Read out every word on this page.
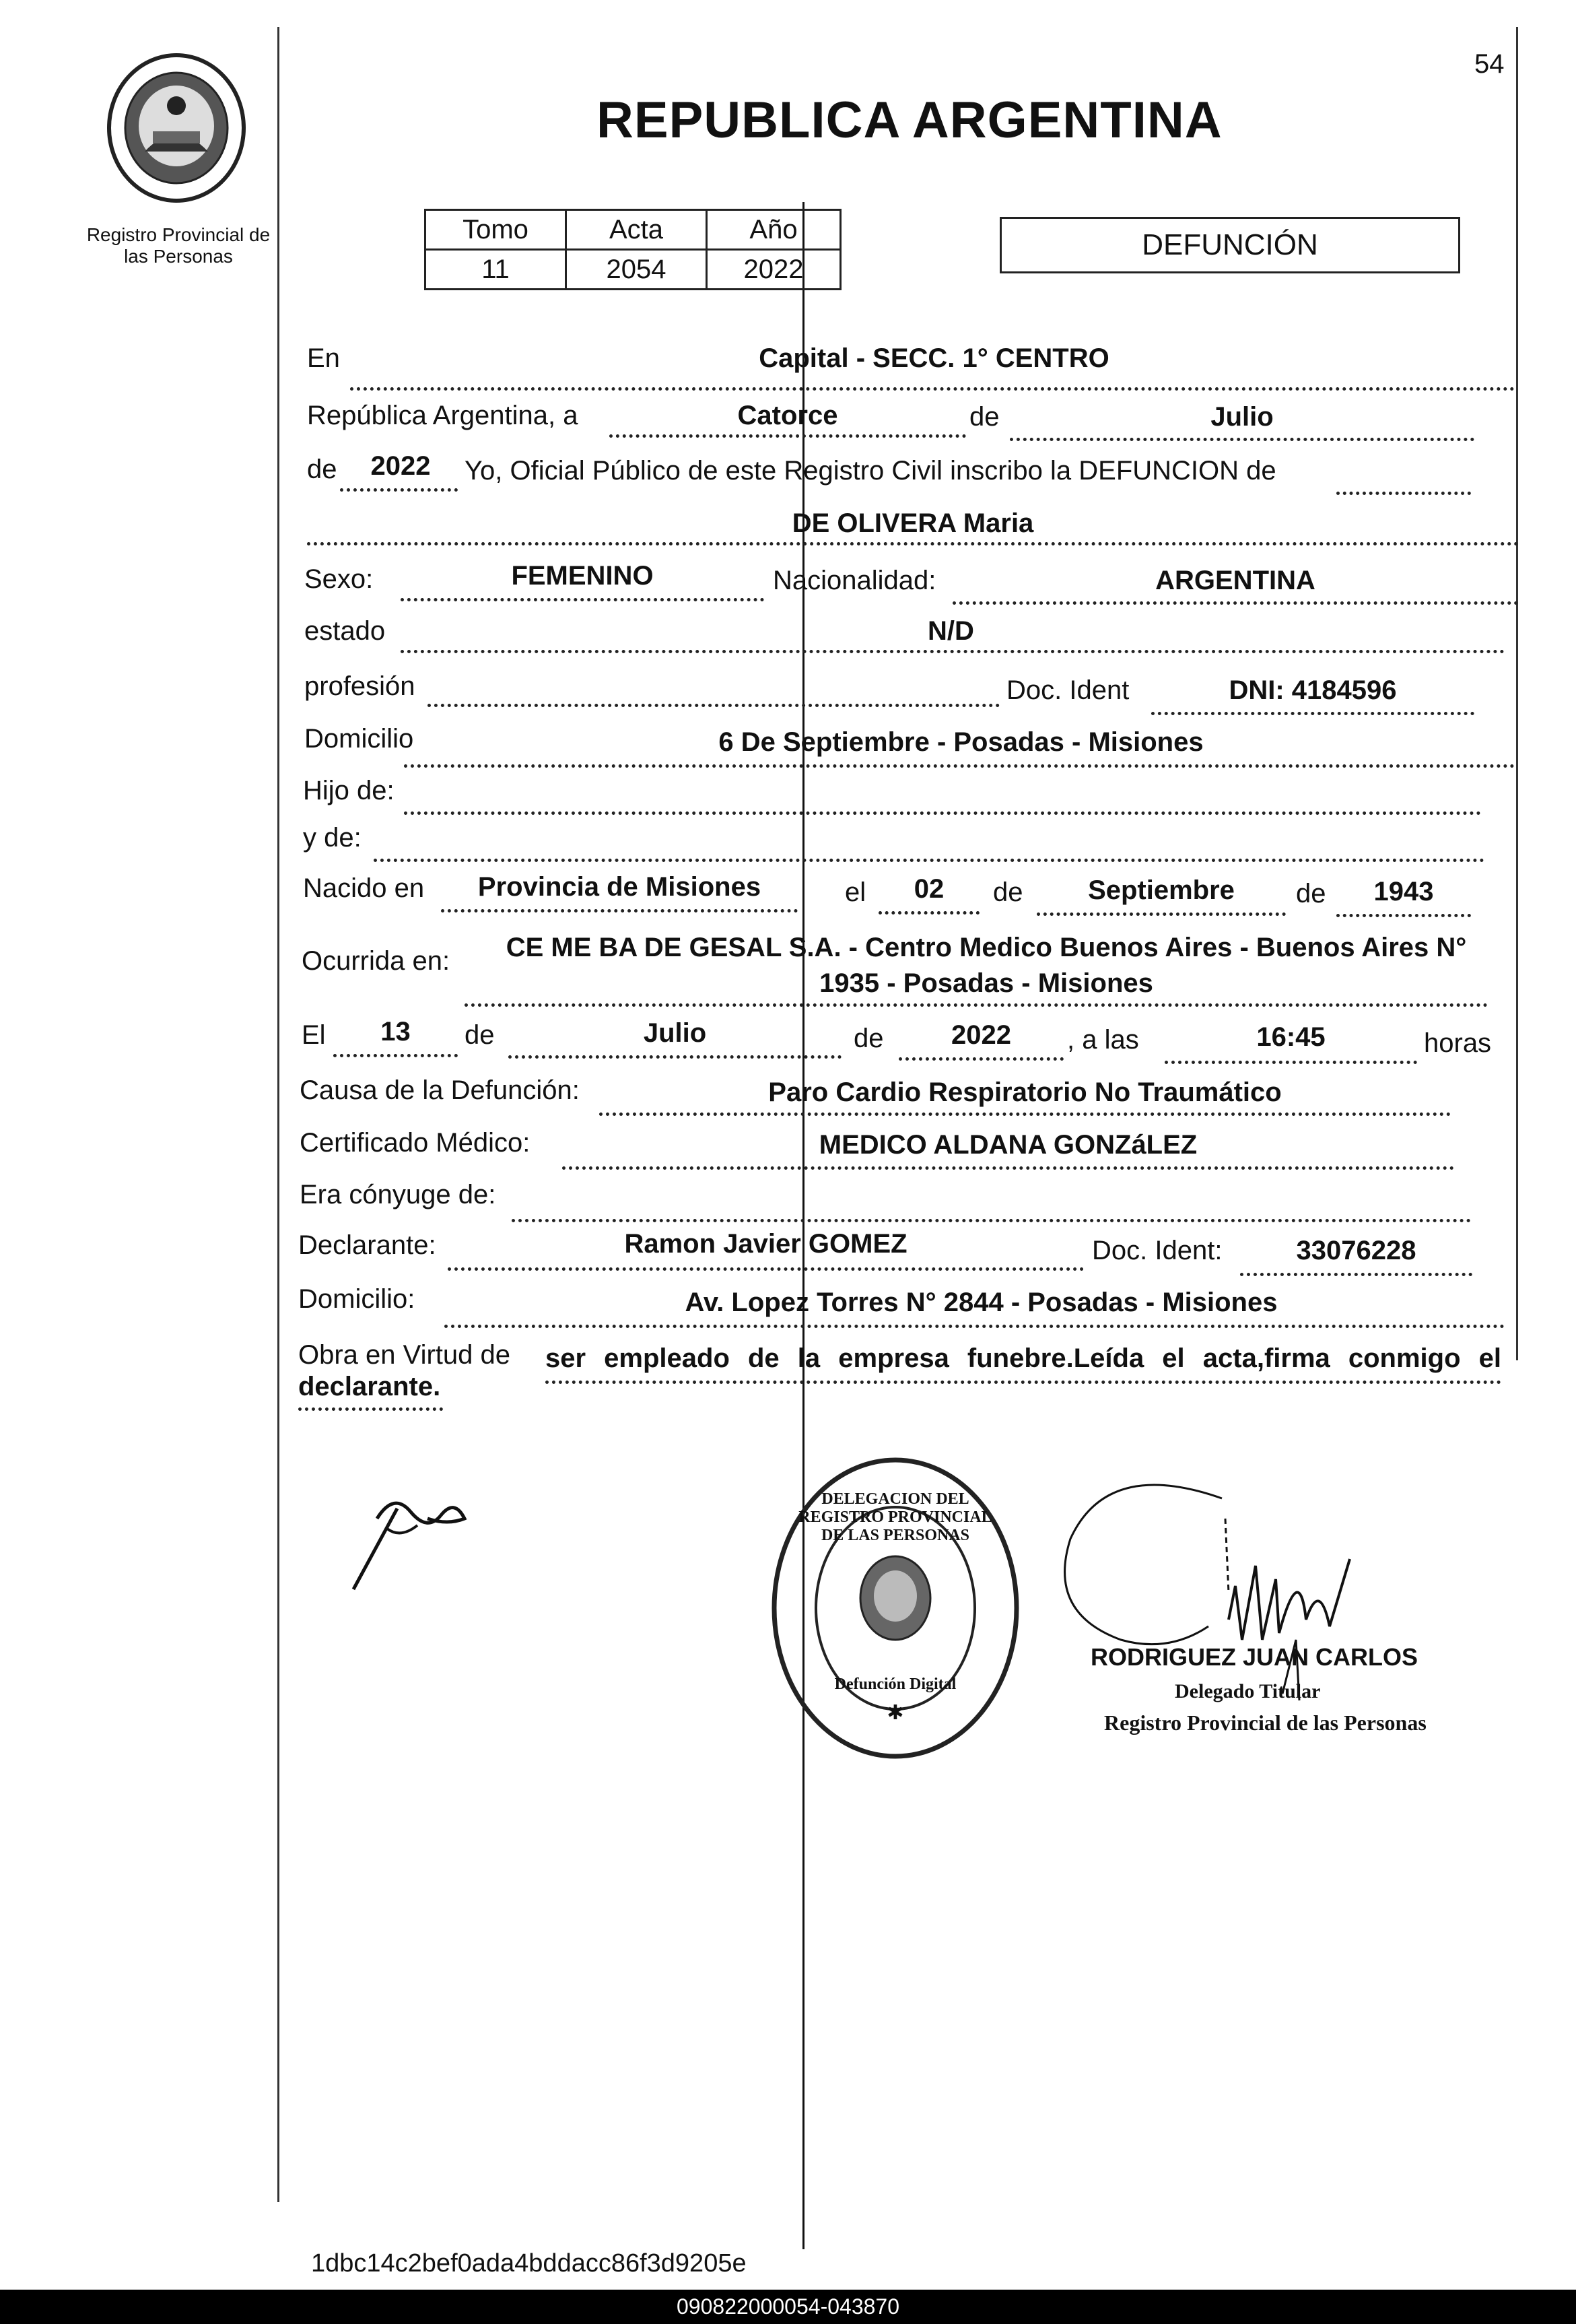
Registro Provincial de
las Personas
54
REPUBLICA ARGENTINA
Tomo	Acta	Año
11	2054	2022
DEFUNCIÓN
En	Capital - SECC. 1° CENTRO
República Argentina, a	Catorce	de	Julio
de	2022	Yo, Oficial Público de este Registro Civil inscribo la DEFUNCION de
DE OLIVERA Maria
Sexo:	FEMENINO	Nacionalidad:	ARGENTINA
estado	N/D
profesión	Doc. Ident	DNI: 4184596
Domicilio	6 De Septiembre - Posadas - Misiones
Hijo de:
y de:
Nacido en	Provincia de Misiones	el	02	de	Septiembre	de	1943
Ocurrida en:	CE ME BA DE GESAL S.A. - Centro Medico Buenos Aires - Buenos Aires N°
1935 - Posadas - Misiones
El	13	de	Julio	de	2022	, a las	16:45	horas
Causa de la Defunción:	Paro Cardio Respiratorio No Traumático
Certificado Médico:	MEDICO ALDANA GONZáLEZ
Era cónyuge de:
Declarante:	Ramon Javier GOMEZ	Doc. Ident:	33076228
Domicilio:	Av. Lopez Torres N° 2844 - Posadas - Misiones
Obra en Virtud de ser empleado de la empresa funebre.Leída el acta,firma conmigo el
declarante.
✱
DELEGACION DEL REGISTRO PROVINCIAL DE LAS PERSONAS
Defunción Digital
RODRIGUEZ JUAN CARLOS
Delegado Titular
Registro Provincial de las Personas
1dbc14c2bef0ada4bddacc86f3d9205e
090822000054-043870
